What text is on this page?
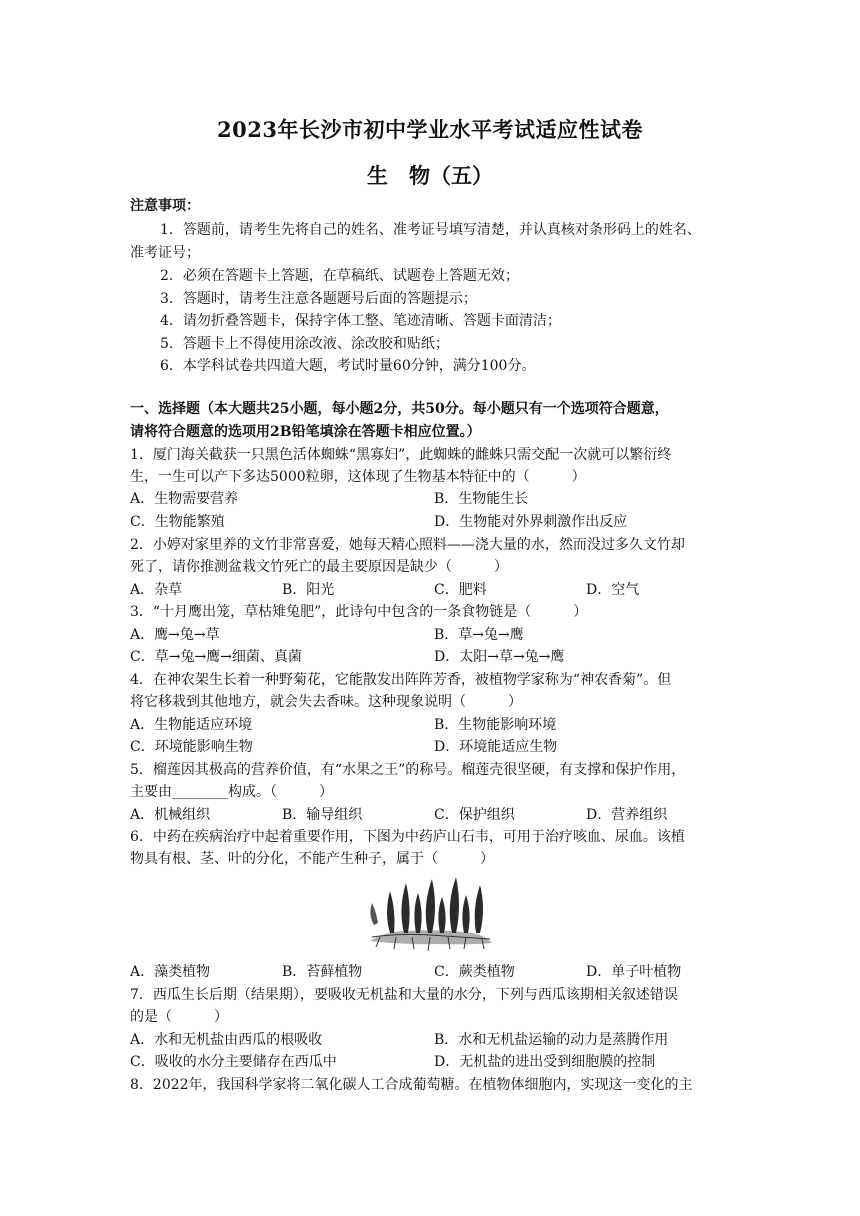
2023年长沙市初中学业水平考试适应性试卷
生　物（五）
注意事项：
1．答题前，请考生先将自己的姓名、准考证号填写清楚，并认真核对条形码上的姓名、
准考证号；
2．必须在答题卡上答题，在草稿纸、试题卷上答题无效；
3．答题时，请考生注意各题题号后面的答题提示；
4．请勿折叠答题卡，保持字体工整、笔迹清晰、答题卡面清洁；
5．答题卡上不得使用涂改液、涂改胶和贴纸；
6．本学科试卷共四道大题，考试时量60分钟，满分100分。
一、选择题（本大题共25小题，每小题2分，共50分。每小题只有一个选项符合题意，
请将符合题意的选项用2B铅笔填涂在答题卡相应位置。）
1．厦门海关截获一只黑色活体蜘蛛“黑寡妇”，此蜘蛛的雌蛛只需交配一次就可以繁衍终
生，一生可以产下多达5000粒卵，这体现了生物基本特征中的（　　　）
A．生物需要营养	B．生物能生长
C．生物能繁殖	D．生物能对外界刺激作出反应
2．小婷对家里养的文竹非常喜爱，她每天精心照料——浇大量的水，然而没过多久文竹却
死了，请你推测盆栽文竹死亡的最主要原因是缺少（　　　）
A．杂草	B．阳光	C．肥料	D．空气
3．“十月鹰出笼，草枯雉兔肥”，此诗句中包含的一条食物链是（　　　）
A．鹰→兔→草	B．草→兔→鹰
C．草→兔→鹰→细菌、真菌	D．太阳→草→兔→鹰
4．在神农架生长着一种野菊花，它能散发出阵阵芳香，被植物学家称为“神农香菊”。但
将它移栽到其他地方，就会失去香味。这种现象说明（　　　）
A．生物能适应环境	B．生物能影响环境
C．环境能影响生物	D．环境能适应生物
5．榴莲因其极高的营养价值，有“水果之王”的称号。榴莲壳很坚硬，有支撑和保护作用，
主要由________构成。（　　　）
A．机械组织	B．输导组织	C．保护组织	D．营养组织
6．中药在疾病治疗中起着重要作用，下图为中药庐山石韦，可用于治疗咳血、尿血。该植
物具有根、茎、叶的分化，不能产生种子，属于（　　　）
A．藻类植物	B．苔藓植物	C．蕨类植物	D．单子叶植物
7．西瓜生长后期（结果期），要吸收无机盐和大量的水分，下列与西瓜该期相关叙述错误
的是（　　　）
A．水和无机盐由西瓜的根吸收	B．水和无机盐运输的动力是蒸腾作用
C．吸收的水分主要储存在西瓜中	D．无机盐的进出受到细胞膜的控制
8．2022年，我国科学家将二氧化碳人工合成葡萄糖。在植物体细胞内，实现这一变化的主
